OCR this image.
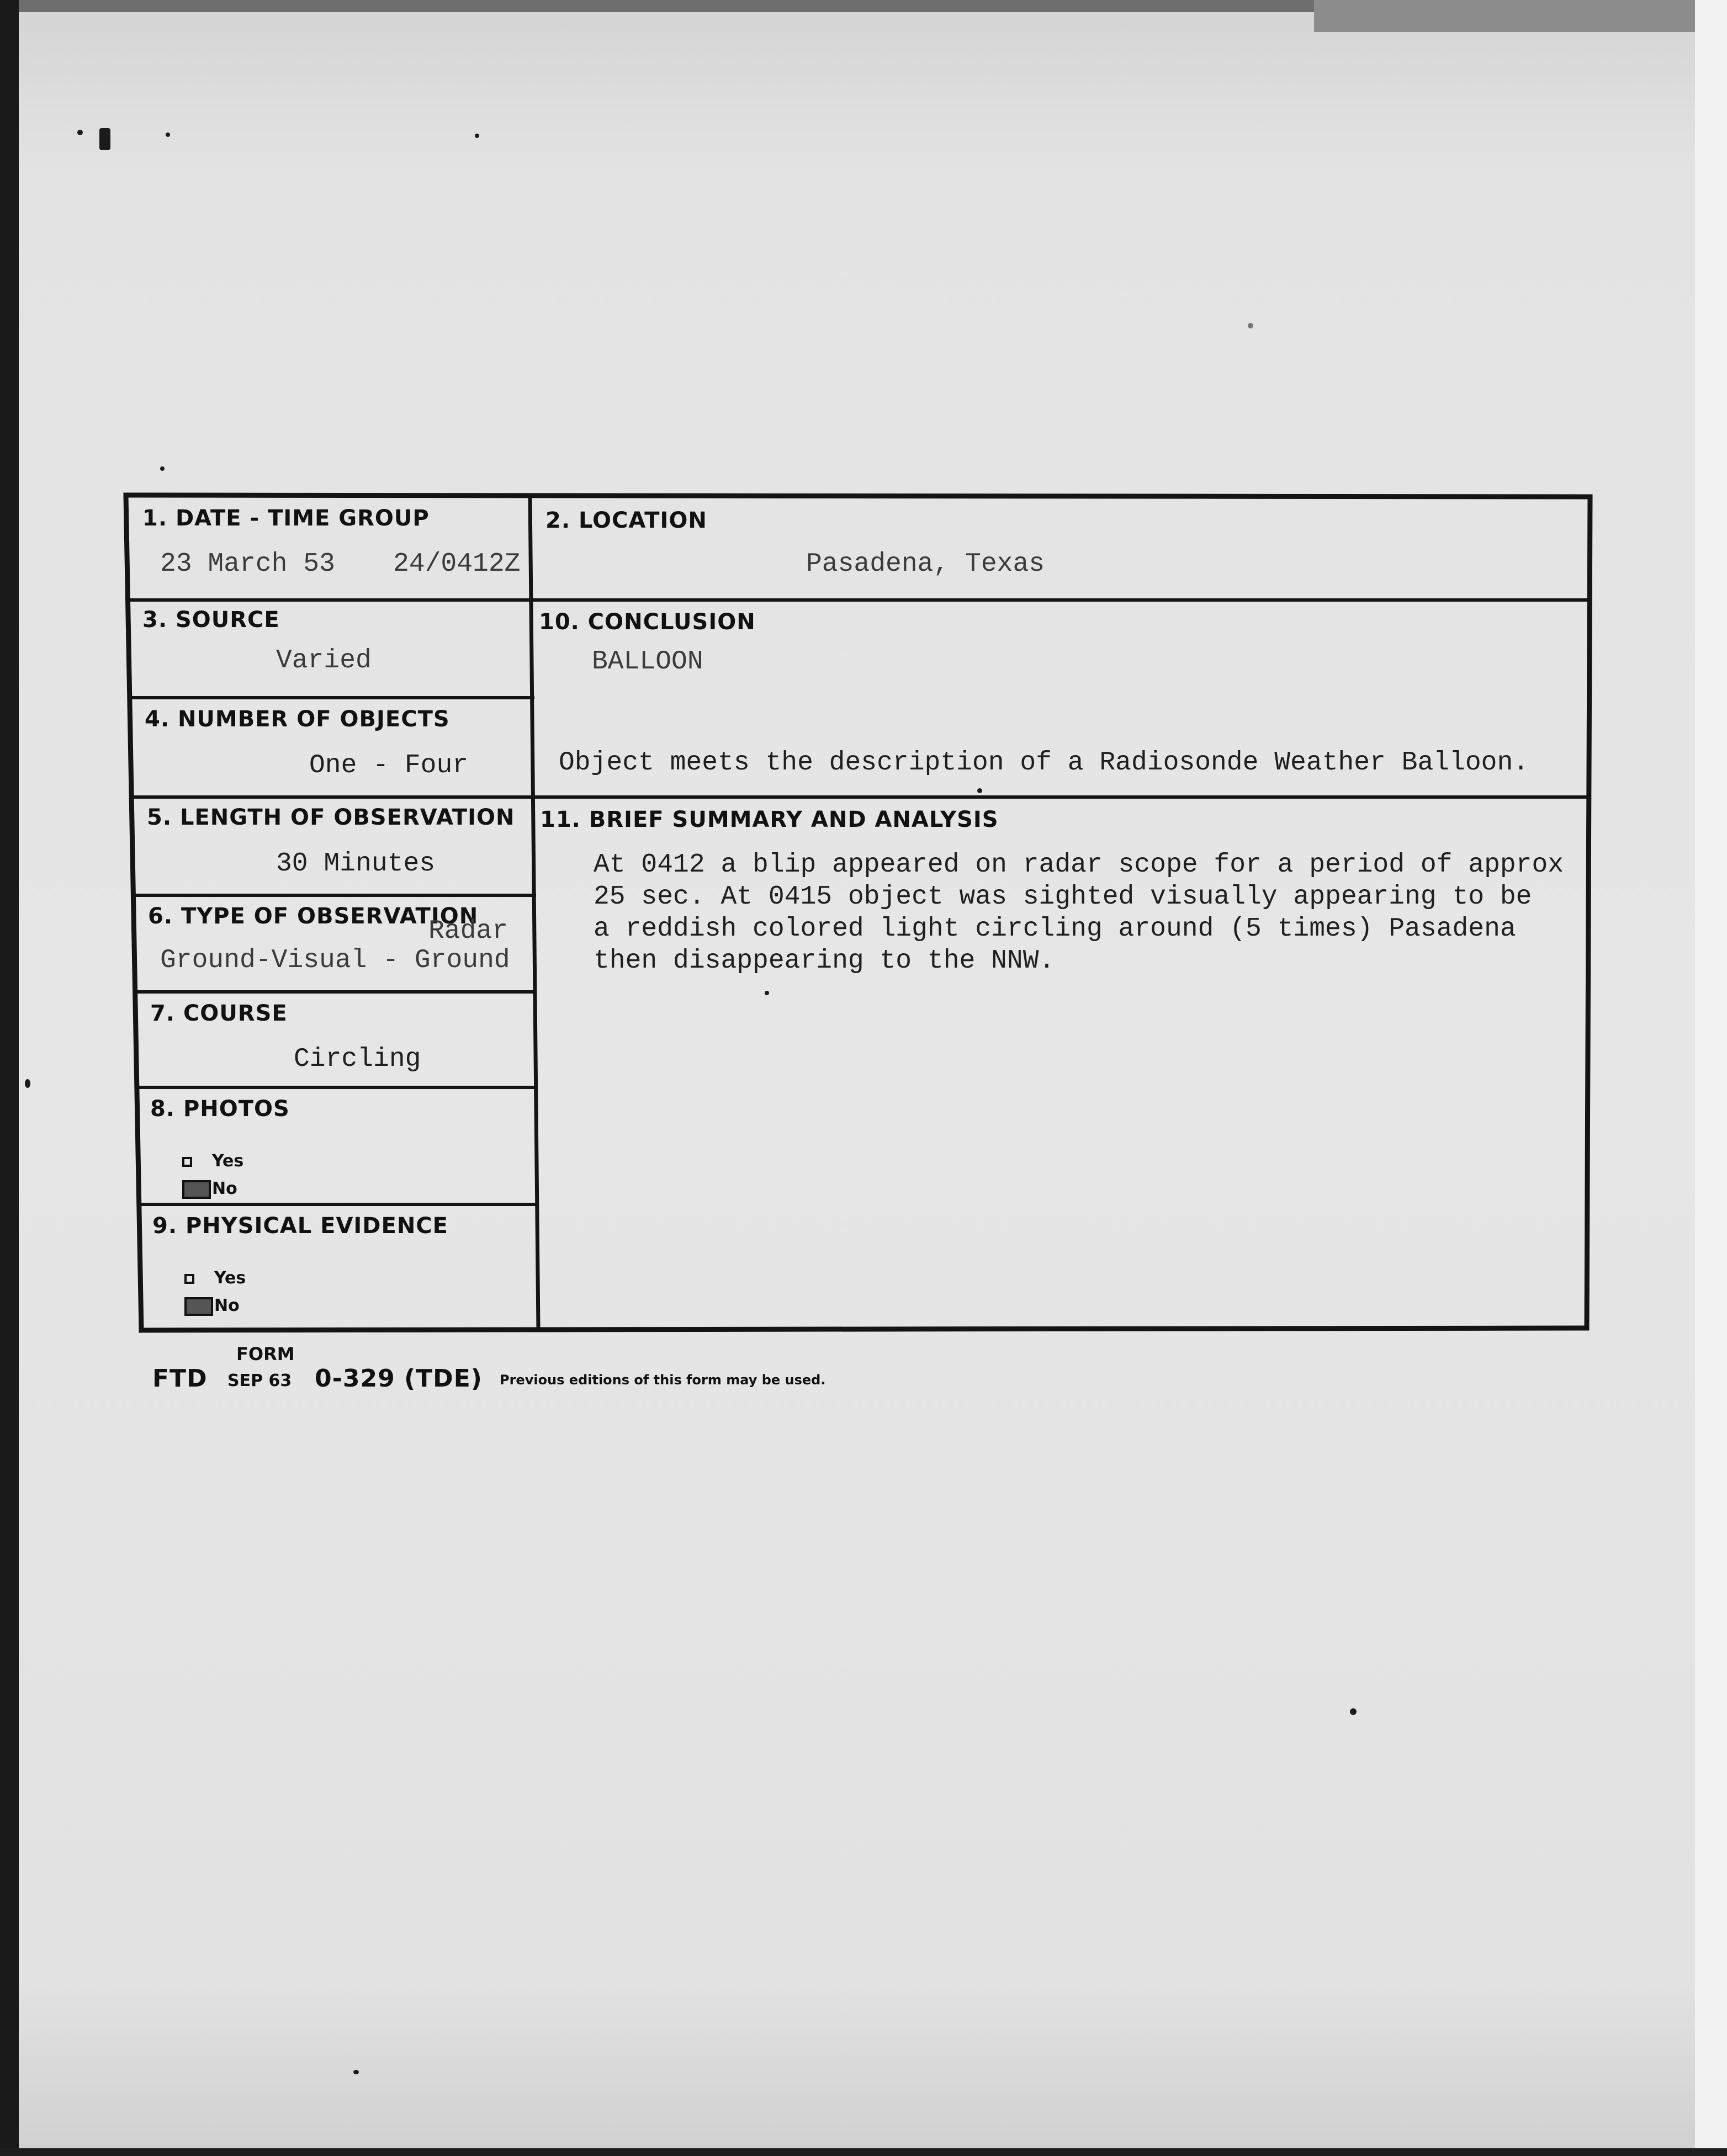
1. DATE - TIME GROUP
23 March 53 24/0412Z
2. LOCATION
Pasadena, Texas
3. SOURCE
Varied
4. NUMBER OF OBJECTS
One - Four
5. LENGTH OF OBSERVATION
30 Minutes
6. TYPE OF OBSERVATION
Radar
Ground-Visual - Ground
7. COURSE
Circling
8. PHOTOS
Yes
No
9. PHYSICAL EVIDENCE
Yes
No
10. CONCLUSION
BALLOON
Object meets the description of a Radiosonde Weather Balloon.
11. BRIEF SUMMARY AND ANALYSIS
At 0412 a blip appeared on radar scope for a period of approx
25 sec. At 0415 object was sighted visually appearing to be
a reddish colored light circling around (5 times) Pasadena
then disappearing to the NNW.
FORM
FTD SEP 63 0-329 (TDE) Previous editions of this form may be used.
